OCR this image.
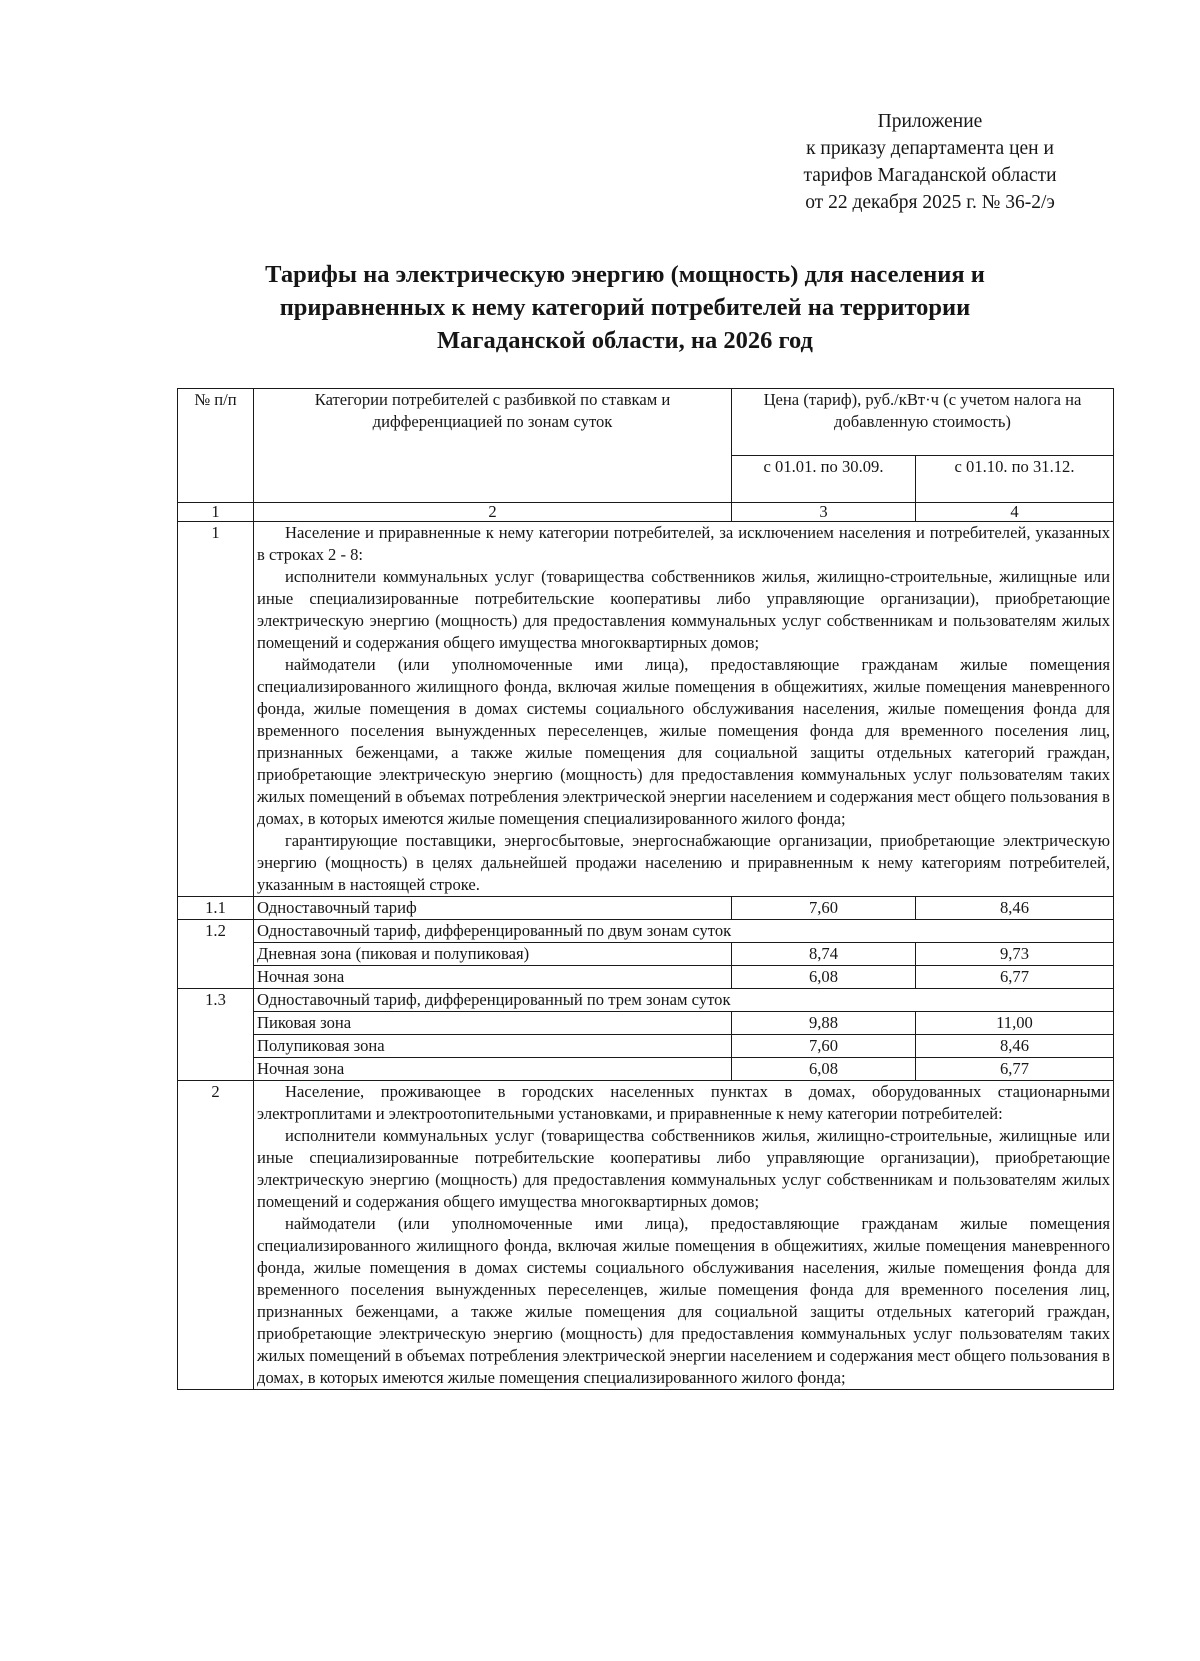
Приложение
к приказу департамента цен и
тарифов Магаданской области
от 22 декабря 2025 г. № 36-2/э
Тарифы на электрическую энергию (мощность) для населения и
приравненных к нему категорий потребителей на территории
Магаданской области, на 2026 год
№ п/п	Категории потребителей с разбивкой по ставкам и дифференциацией по зонам суток	Цена (тариф), руб./кВт·ч (с учетом налога на добавленную стоимость)	
		с 01.01. по 30.09.	с 01.10. по 31.12.
1	2	3	4
1	Население и приравненные к нему категории потребителей, за исключением населения и потребителей, указанных в строках 2 - 8:

исполнители коммунальных услуг (товарищества собственников жилья, жилищно-строительные, жилищные или иные специализированные потребительские кооперативы либо управляющие организации), приобретающие электрическую энергию (мощность) для предоставления коммунальных услуг собственникам и пользователям жилых помещений и содержания общего имущества многоквартирных домов;

наймодатели (или уполномоченные ими лица), предоставляющие гражданам жилые помещения специализированного жилищного фонда, включая жилые помещения в общежитиях, жилые помещения маневренного фонда, жилые помещения в домах системы социального обслуживания населения, жилые помещения фонда для временного поселения вынужденных переселенцев, жилые помещения фонда для временного поселения лиц, признанных беженцами, а также жилые помещения для социальной защиты отдельных категорий граждан, приобретающие электрическую энергию (мощность) для предоставления коммунальных услуг пользователям таких жилых помещений в объемах потребления электрической энергии населением и содержания мест общего пользования в домах, в которых имеются жилые помещения специализированного жилого фонда;

гарантирующие поставщики, энергосбытовые, энергоснабжающие организации, приобретающие электрическую энергию (мощность) в целях дальнейшей продажи населению и приравненным к нему категориям потребителей, указанным в настоящей строке.		

1.1	Одноставочный тариф	7,60	8,46
1.2	Одноставочный тариф, дифференцированный по двум зонам суток		
	Дневная зона (пиковая и полупиковая)	8,74	9,73
	Ночная зона	6,08	6,77
1.3	Одноставочный тариф, дифференцированный по трем зонам суток		
	Пиковая зона	9,88	11,00
	Полупиковая зона	7,60	8,46
	Ночная зона	6,08	6,77
2	Население, проживающее в городских населенных пунктах в домах, оборудованных стационарными электроплитами и электроотопительными установками, и приравненные к нему категории потребителей:

исполнители коммунальных услуг (товарищества собственников жилья, жилищно-строительные, жилищные или иные специализированные потребительские кооперативы либо управляющие организации), приобретающие электрическую энергию (мощность) для предоставления коммунальных услуг собственникам и пользователям жилых помещений и содержания общего имущества многоквартирных домов;

наймодатели (или уполномоченные ими лица), предоставляющие гражданам жилые помещения специализированного жилищного фонда, включая жилые помещения в общежитиях, жилые помещения маневренного фонда, жилые помещения в домах системы социального обслуживания населения, жилые помещения фонда для временного поселения вынужденных переселенцев, жилые помещения фонда для временного поселения лиц, признанных беженцами, а также жилые помещения для социальной защиты отдельных категорий граждан, приобретающие электрическую энергию (мощность) для предоставления коммунальных услуг пользователям таких жилых помещений в объемах потребления электрической энергии населением и содержания мест общего пользования в домах, в которых имеются жилые помещения специализированного жилого фонда;		
